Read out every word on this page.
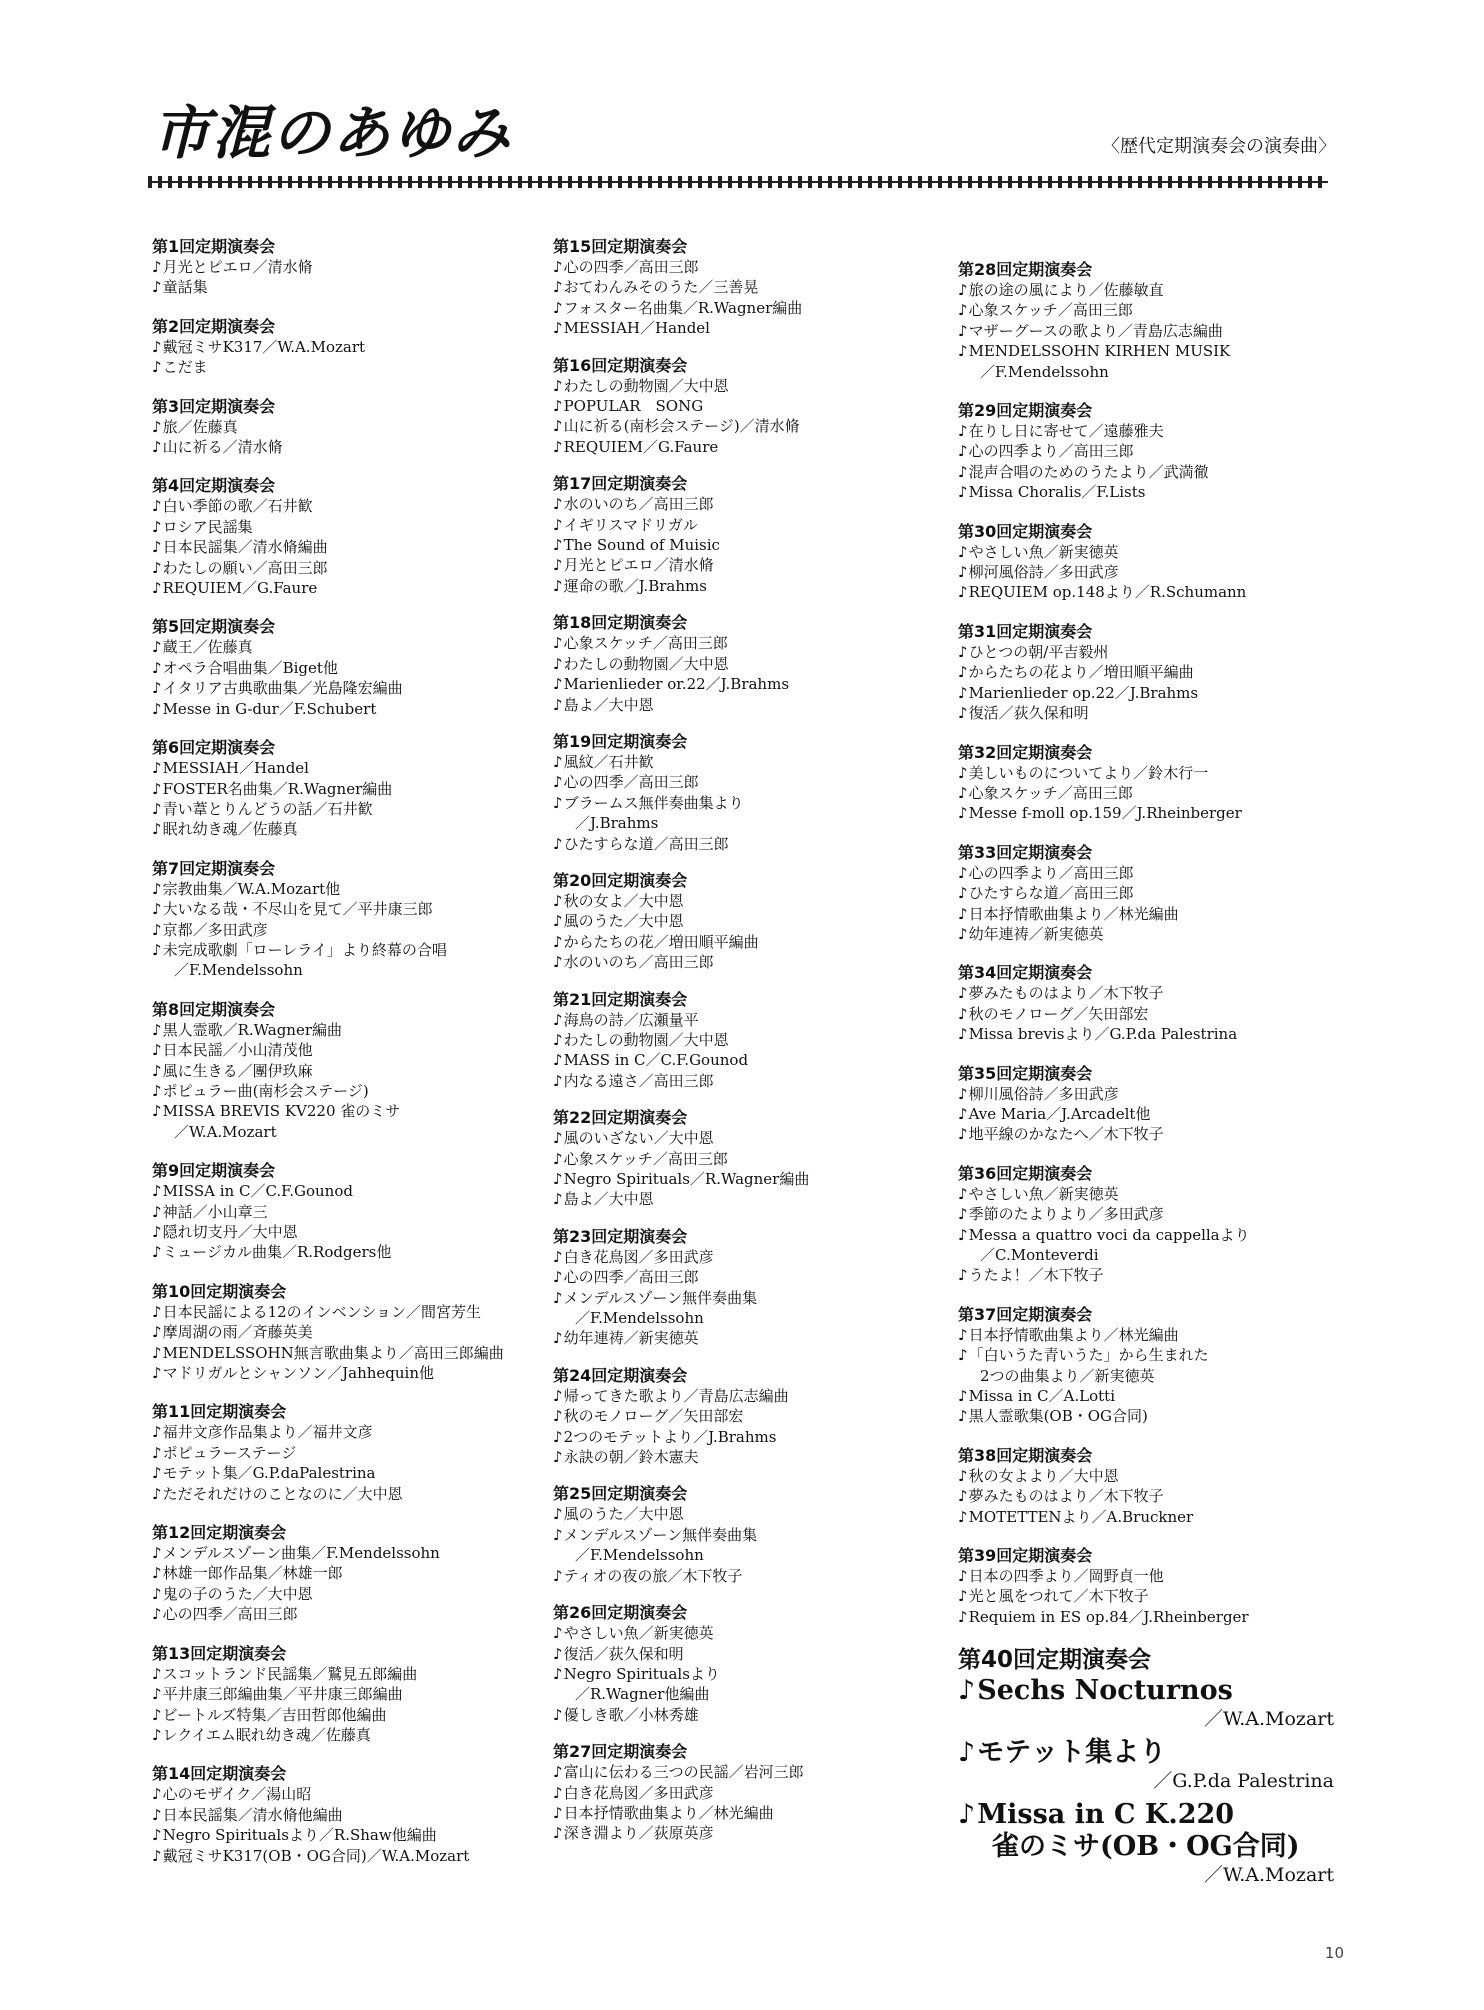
市混のあゆみ	〈歴代定期演奏会の演奏曲〉
第1回定期演奏会
♪ 月光とピエロ／清水脩
♪ 童話集
第2回定期演奏会
♪ 戴冠ミサK317／W.A.Mozart
♪ こだま
第3回定期演奏会
♪ 旅／佐藤真
♪ 山に祈る／清水脩
第4回定期演奏会
♪ 白い季節の歌／石井歓
♪ ロシア民謡集
♪ 日本民謡集／清水脩編曲
♪ わたしの願い／高田三郎
♪ REQUIEM／G.Faure
第5回定期演奏会
♪ 蔵王／佐藤真
♪ オペラ合唱曲集／Biget他
♪ イタリア古典歌曲集／光島隆宏編曲
♪ Messe in G-dur／F.Schubert
第6回定期演奏会
♪ MESSIAH／Handel
♪ FOSTER名曲集／R.Wagner編曲
♪ 青い葦とりんどうの話／石井歓
♪ 眠れ幼き魂／佐藤真
第7回定期演奏会
♪ 宗教曲集／W.A.Mozart他
♪ 大いなる哉・不尽山を見て／平井康三郎
♪ 京都／多田武彦
♪ 未完成歌劇「ローレライ」より終幕の合唱
／F.Mendelssohn
第8回定期演奏会
♪ 黒人霊歌／R.Wagner編曲
♪ 日本民謡／小山清茂他
♪ 風に生きる／團伊玖麻
♪ ポピュラー曲(南杉会ステージ)
♪ MISSA BREVIS KV220 雀のミサ
／W.A.Mozart
第9回定期演奏会
♪ MISSA in C／C.F.Gounod
♪ 神話／小山章三
♪ 隠れ切支丹／大中恩
♪ ミュージカル曲集／R.Rodgers他
第10回定期演奏会
♪ 日本民謡による12のインベンション／間宮芳生
♪ 摩周湖の雨／斉藤英美
♪ MENDELSSOHN無言歌曲集より／高田三郎編曲
♪ マドリガルとシャンソン／Jahhequin他
第11回定期演奏会
♪ 福井文彦作品集より／福井文彦
♪ ポピュラーステージ
♪ モテット集／G.P.daPalestrina
♪ ただそれだけのことなのに／大中恩
第12回定期演奏会
♪ メンデルスゾーン曲集／F.Mendelssohn
♪ 林雄一郎作品集／林雄一郎
♪ 鬼の子のうた／大中恩
♪ 心の四季／高田三郎
第13回定期演奏会
♪ スコットランド民謡集／鷲見五郎編曲
♪ 平井康三郎編曲集／平井康三郎編曲
♪ ビートルズ特集／吉田哲郎他編曲
♪ レクイエム眠れ幼き魂／佐藤真
第14回定期演奏会
♪ 心のモザイク／湯山昭
♪ 日本民謡集／清水脩他編曲
♪ Negro Spiritualsより／R.Shaw他編曲
♪ 戴冠ミサK317(OB・OG合同)／W.A.Mozart
第15回定期演奏会
♪ 心の四季／高田三郎
♪ おてわんみそのうた／三善晃
♪ フォスター名曲集／R.Wagner編曲
♪ MESSIAH／Handel
第16回定期演奏会
♪ わたしの動物園／大中恩
♪ POPULAR　SONG
♪ 山に祈る(南杉会ステージ)／清水脩
♪ REQUIEM／G.Faure
第17回定期演奏会
♪ 水のいのち／高田三郎
♪ イギリスマドリガル
♪ The Sound of Muisic
♪ 月光とピエロ／清水脩
♪ 運命の歌／J.Brahms
第18回定期演奏会
♪ 心象スケッチ／高田三郎
♪ わたしの動物園／大中恩
♪ Marienlieder or.22／J.Brahms
♪ 島よ／大中恩
第19回定期演奏会
♪ 風紋／石井歓
♪ 心の四季／高田三郎
♪ ブラームス無伴奏曲集より
／J.Brahms
♪ ひたすらな道／高田三郎
第20回定期演奏会
♪ 秋の女よ／大中恩
♪ 風のうた／大中恩
♪ からたちの花／増田順平編曲
♪ 水のいのち／高田三郎
第21回定期演奏会
♪ 海鳥の詩／広瀬量平
♪ わたしの動物園／大中恩
♪ MASS in C／C.F.Gounod
♪ 内なる遠さ／高田三郎
第22回定期演奏会
♪ 風のいざない／大中恩
♪ 心象スケッチ／高田三郎
♪ Negro Spirituals／R.Wagner編曲
♪ 島よ／大中恩
第23回定期演奏会
♪ 白き花鳥図／多田武彦
♪ 心の四季／高田三郎
♪ メンデルスゾーン無伴奏曲集
／F.Mendelssohn
♪ 幼年連祷／新実徳英
第24回定期演奏会
♪ 帰ってきた歌より／青島広志編曲
♪ 秋のモノローグ／矢田部宏
♪ 2つのモテットより／J.Brahms
♪ 永訣の朝／鈴木憲夫
第25回定期演奏会
♪ 風のうた／大中恩
♪ メンデルスゾーン無伴奏曲集
／F.Mendelssohn
♪ ティオの夜の旅／木下牧子
第26回定期演奏会
♪ やさしい魚／新実徳英
♪ 復活／荻久保和明
♪ Negro Spiritualsより
／R.Wagner他編曲
♪ 優しき歌／小林秀雄
第27回定期演奏会
♪ 富山に伝わる三つの民謡／岩河三郎
♪ 白き花鳥図／多田武彦
♪ 日本抒情歌曲集より／林光編曲
♪ 深き淵より／荻原英彦
第28回定期演奏会
♪ 旅の途の風により／佐藤敏直
♪ 心象スケッチ／高田三郎
♪ マザーグースの歌より／青島広志編曲
♪ MENDELSSOHN KIRHEN MUSIK
／F.Mendelssohn
第29回定期演奏会
♪ 在りし日に寄せて／遠藤雅夫
♪ 心の四季より／高田三郎
♪ 混声合唱のためのうたより／武満徹
♪ Missa Choralis／F.Lists
第30回定期演奏会
♪ やさしい魚／新実徳英
♪ 柳河風俗詩／多田武彦
♪ REQUIEM op.148より／R.Schumann
第31回定期演奏会
♪ ひとつの朝/平吉毅州
♪ からたちの花より／増田順平編曲
♪ Marienlieder op.22／J.Brahms
♪ 復活／荻久保和明
第32回定期演奏会
♪ 美しいものについてより／鈴木行一
♪ 心象スケッチ／高田三郎
♪ Messe f-moll op.159／J.Rheinberger
第33回定期演奏会
♪ 心の四季より／高田三郎
♪ ひたすらな道／高田三郎
♪ 日本抒情歌曲集より／林光編曲
♪ 幼年連祷／新実徳英
第34回定期演奏会
♪ 夢みたものはより／木下牧子
♪ 秋のモノローグ／矢田部宏
♪ Missa brevisより／G.P.da Palestrina
第35回定期演奏会
♪ 柳川風俗詩／多田武彦
♪ Ave Maria／J.Arcadelt他
♪ 地平線のかなたへ／木下牧子
第36回定期演奏会
♪ やさしい魚／新実徳英
♪ 季節のたよりより／多田武彦
♪ Messa a quattro voci da cappellaより
／C.Monteverdi
♪ うたよ！／木下牧子
第37回定期演奏会
♪ 日本抒情歌曲集より／林光編曲
♪ 「白いうた青いうた」から生まれた
2つの曲集より／新実徳英
♪ Missa in C／A.Lotti
♪ 黒人霊歌集(OB・OG合同)
第38回定期演奏会
♪ 秋の女よより／大中恩
♪ 夢みたものはより／木下牧子
♪ MOTETTENより／A.Bruckner
第39回定期演奏会
♪ 日本の四季より／岡野貞一他
♪ 光と風をつれて／木下牧子
♪ Requiem in ES op.84／J.Rheinberger
第40回定期演奏会
♪ Sechs Nocturnos
／W.A.Mozart
♪ モテット集より
／G.P.da Palestrina
♪ Missa in C K.220
雀のミサ(OB・OG合同)
／W.A.Mozart
10
